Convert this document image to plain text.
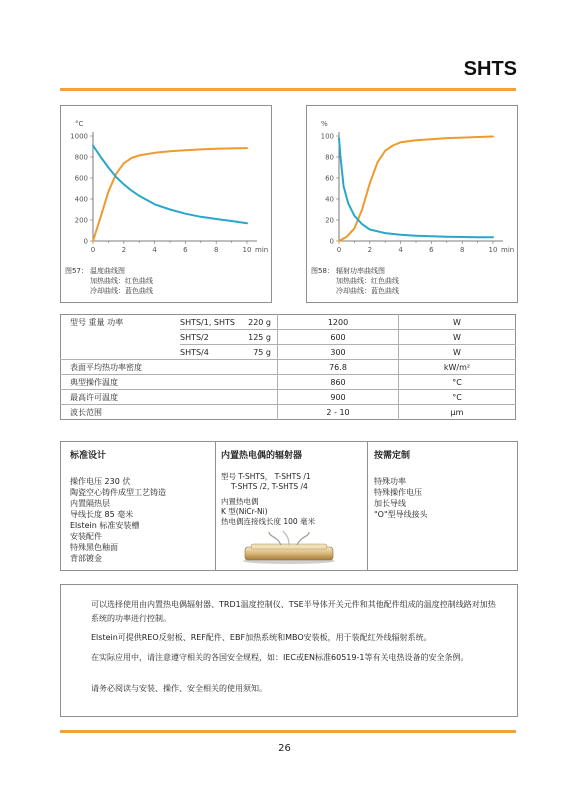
SHTS
°C
0
200
400
600
800
1000
0	2	4	6	8	10 min
图57： 温度曲线图
加热曲线：红色曲线
冷却曲线：蓝色曲线
%
0
20
40
60
80
100
0	2	4	6	8	10 min
图58： 辐射功率曲线图
加热曲线：红色曲线
冷却曲线：蓝色曲线
型号 重量 功率	SHTS/1, SHTS	220 g	1200	W
	SHTS/2	125 g	600	W
	SHTS/4	75 g	300	W
表面平均热功率密度			76.8	kW/m²
典型操作温度			860	°C
最高许可温度			900	°C
波长范围			2 - 10	µm
标准设计
操作电压 230 伏
陶瓷空心铸件成型工艺铸造
内置隔热层
导线长度 85 毫米
Elstein 标准安装槽
安装配件
特殊黑色釉面
背部镀金
内置热电偶的辐射器
型号 T-SHTS， T-SHTS /1
T-SHTS /2, T-SHTS /4
内置热电偶
K 型(NiCr-Ni)
热电偶连接线长度 100 毫米
按需定制
特殊功率
特殊操作电压
加长导线
"O"型导线接头
可以选择使用由内置热电偶辐射器、TRD1温度控制仪、TSE半导体开关元件和其他配件组成的温度控制线路对加热系统的功率进行控制。
Elstein可提供REO反射板、REF配件、EBF加热系统和MBO安装板，用于装配红外线辐射系统。
在实际应用中，请注意遵守相关的各国安全规程，如：IEC或EN标准60519-1等有关电热设备的安全条例。
请务必阅读与安装、操作、安全相关的使用须知。
26
